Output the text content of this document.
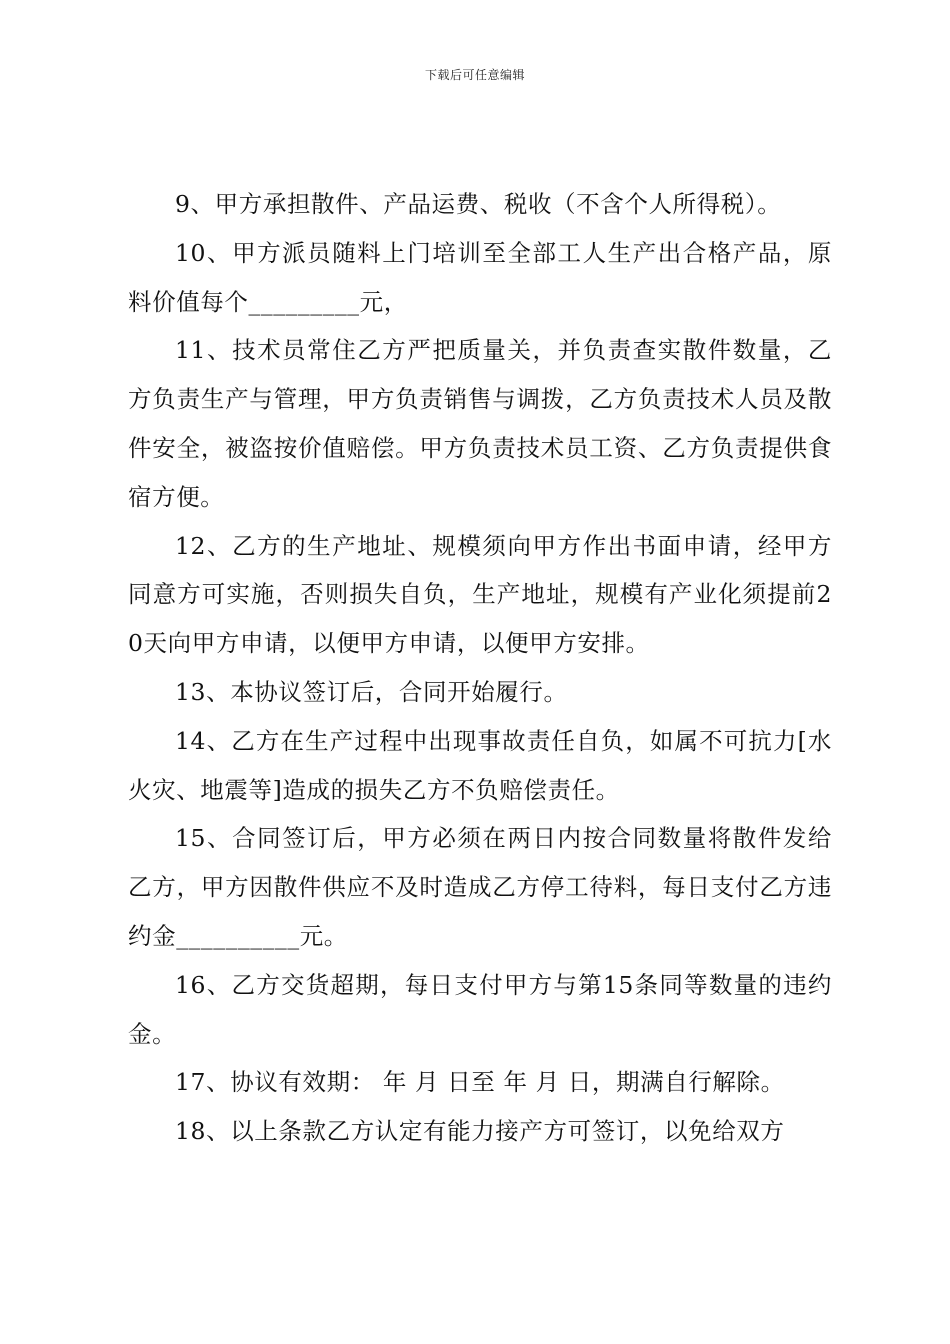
下载后可任意编辑

9、甲方承担散件、产品运费、税收（不含个人所得税）。

10、甲方派员随料上门培训至全部工人生产出合格产品，原料价值每个_________元，

11、技术员常住乙方严把质量关，并负责查实散件数量，乙方负责生产与管理，甲方负责销售与调拨，乙方负责技术人员及散件安全，被盗按价值赔偿。甲方负责技术员工资、乙方负责提供食宿方便。

12、乙方的生产地址、规模须向甲方作出书面申请，经甲方同意方可实施，否则损失自负，生产地址，规模有产业化须提前20天向甲方申请，以便甲方申请，以便甲方安排。

13、本协议签订后，合同开始履行。

14、乙方在生产过程中出现事故责任自负，如属不可抗力[水火灾、地震等]造成的损失乙方不负赔偿责任。

15、合同签订后，甲方必须在两日内按合同数量将散件发给乙方，甲方因散件供应不及时造成乙方停工待料，每日支付乙方违约金__________元。

16、乙方交货超期，每日支付甲方与第15条同等数量的违约金。

17、协议有效期： 年 月 日至 年 月 日，期满自行解除。

18、以上条款乙方认定有能力接产方可签订，以免给双方
